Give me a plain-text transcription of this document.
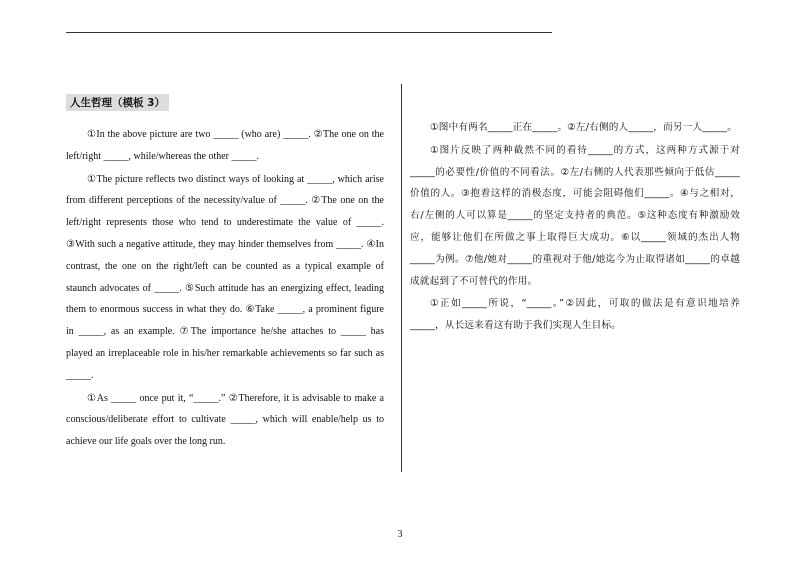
人生哲理（模板 3）

①In the above picture are two _____ (who are) _____. ②The one on the left/right _____, while/whereas the other _____.

①The picture reflects two distinct ways of looking at _____, which arise from different perceptions of the necessity/value of _____. ②The one on the left/right represents those who tend to underestimate the value of _____. ③With such a negative attitude, they may hinder themselves from _____. ④In contrast, the one on the right/left can be counted as a typical example of staunch advocates of _____. ⑤Such attitude has an energizing effect, leading them to enormous success in what they do. ⑥Take _____, a prominent figure in _____, as an example. ⑦The importance he/she attaches to _____ has played an irreplaceable role in his/her remarkable achievements so far such as _____.

①As _____ once put it, “_____.” ②Therefore, it is advisable to make a conscious/deliberate effort to cultivate _____, which will enable/help us to achieve our life goals over the long run.

①图中有两名_____正在_____。②左/右侧的人_____，而另一人_____。

①图片反映了两种截然不同的看待_____的方式，这两种方式源于对_____的必要性/价值的不同看法。②左/右侧的人代表那些倾向于低估_____价值的人。③抱着这样的消极态度，可能会阻碍他们_____。④与之相对，右/左侧的人可以算是_____的坚定支持者的典范。⑤这种态度有种激励效应，能够让他们在所做之事上取得巨大成功。⑥以_____领域的杰出人物_____为例。⑦他/她对_____的重视对于他/她迄今为止取得诸如_____的卓越成就起到了不可替代的作用。

①正如_____所说，“_____。”②因此，可取的做法是有意识地培养_____，从长远来看这有助于我们实现人生目标。

3
